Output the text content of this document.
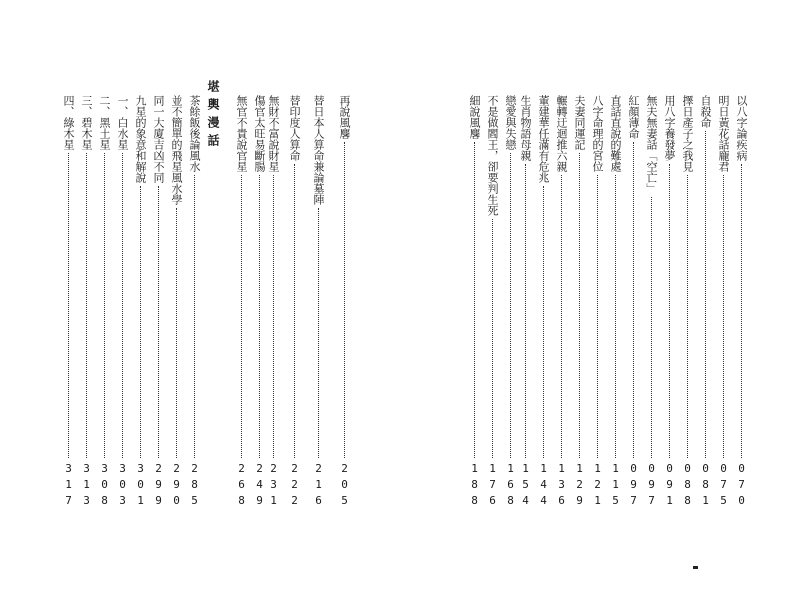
堪輿漫話	再說風麐
205
替日本人算命兼論墓陣
216
替印度人算命
222
無財不富說財星
231
傷官太旺易斷腸
249
無官不貴說官星
268
茶餘飯後論風水
285
並不簡單的飛星風水學
290
同一大廈吉凶不同
299
九星的象意和解說
301
一、白水星
303
二、黑土星
308
三、碧木星
313
四、綠木星
317
以八字論疾病
070
明日黃花話龐君
075
自殺命
081
擇日產子之我見
088
用八字養發夢
091
無夫無妻話「空亡」
097
紅顏薄命
097
直話直說的難處
115
八字命理的宮位
121
夫妻同運記
129
輾轉迂迴推六親
136
董建華任滿有危兆
144
生肖物語母親
154
戀愛與失戀
168
不是做閻王，卻要判生死
176
細說風麐
188
